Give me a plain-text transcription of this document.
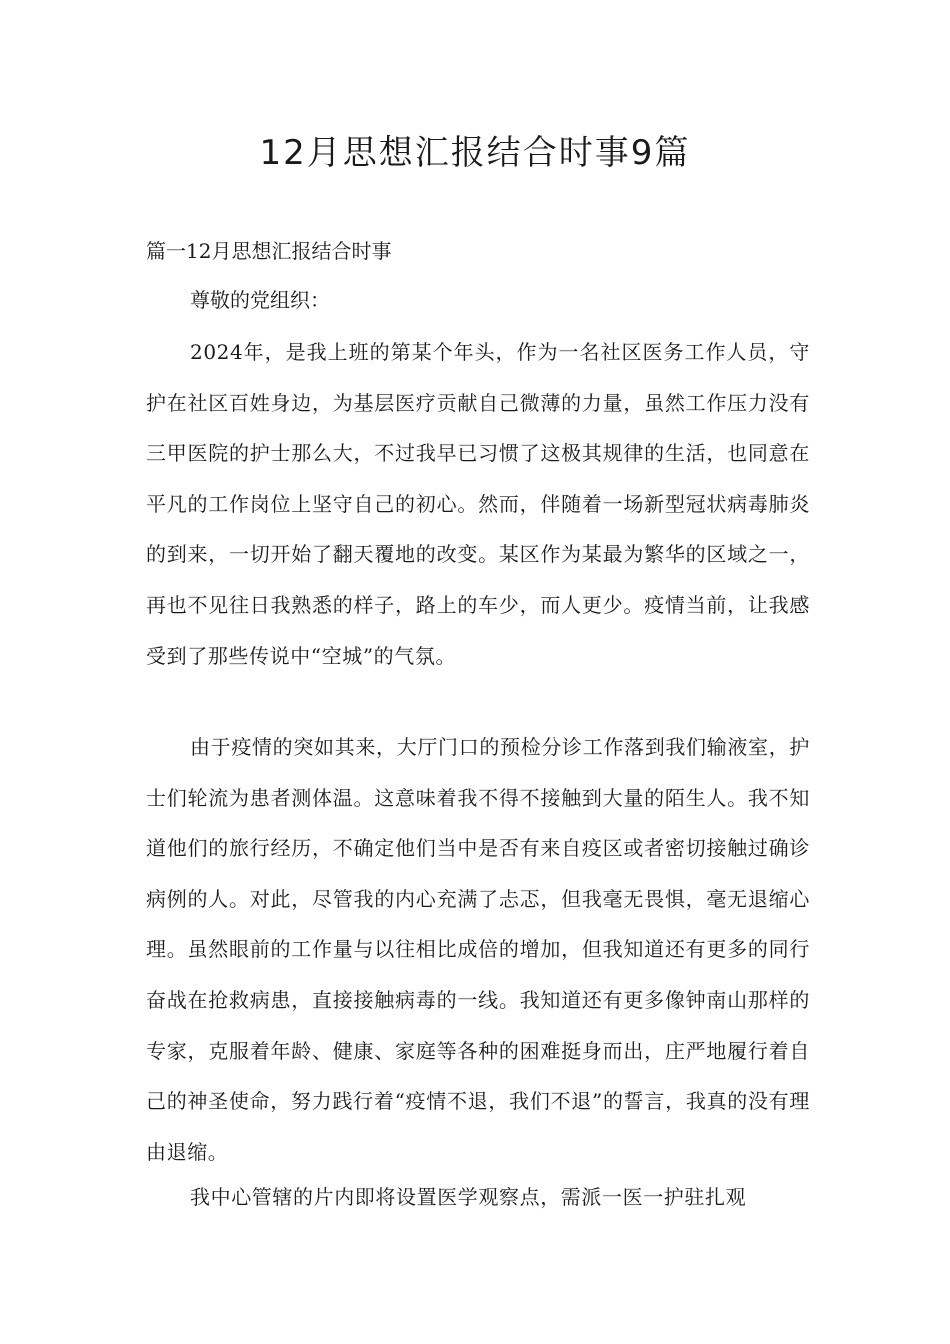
12月思想汇报结合时事9篇
篇一12月思想汇报结合时事

尊敬的党组织：

2024年，是我上班的第某个年头，作为一名社区医务工作人员，守护在社区百姓身边，为基层医疗贡献自己微薄的力量，虽然工作压力没有三甲医院的护士那么大，不过我早已习惯了这极其规律的生活，也同意在平凡的工作岗位上坚守自己的初心。然而，伴随着一场新型冠状病毒肺炎的到来，一切开始了翻天覆地的改变。某区作为某最为繁华的区域之一，再也不见往日我熟悉的样子，路上的车少，而人更少。疫情当前，让我感受到了那些传说中“空城”的气氛。

由于疫情的突如其来，大厅门口的预检分诊工作落到我们输液室，护士们轮流为患者测体温。这意味着我不得不接触到大量的陌生人。我不知道他们的旅行经历，不确定他们当中是否有来自疫区或者密切接触过确诊病例的人。对此，尽管我的内心充满了忐忑，但我毫无畏惧，毫无退缩心理。虽然眼前的工作量与以往相比成倍的增加，但我知道还有更多的同行奋战在抢救病患，直接接触病毒的一线。我知道还有更多像钟南山那样的专家，克服着年龄、健康、家庭等各种的困难挺身而出，庄严地履行着自己的神圣使命，努力践行着“疫情不退，我们不退”的誓言，我真的没有理由退缩。

我中心管辖的片内即将设置医学观察点，需派一医一护驻扎观
